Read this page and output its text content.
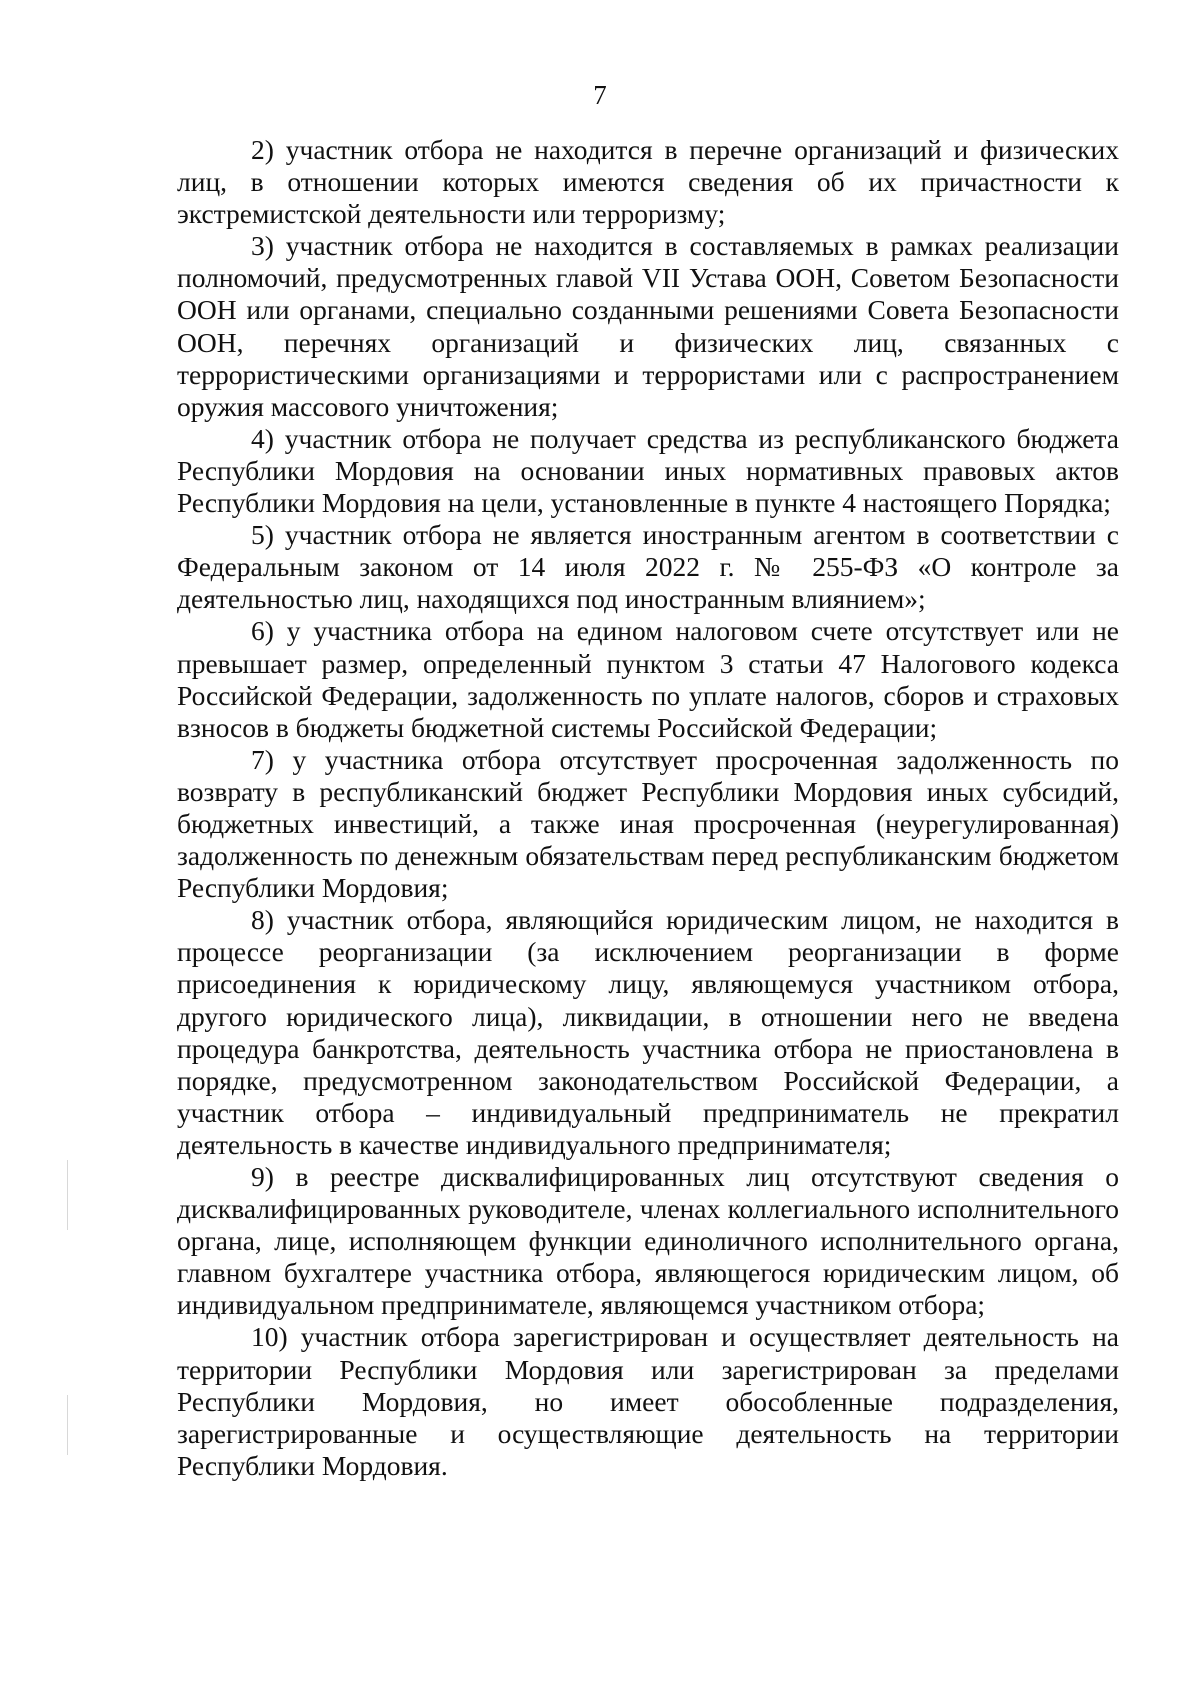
7

2) участник отбора не находится в перечне организаций и физических лиц, в отношении которых имеются сведения об их причастности к экстремистской деятельности или терроризму;

3) участник отбора не находится в составляемых в рамках реализации полномочий, предусмотренных главой VII Устава ООН, Советом Безопасности ООН или органами, специально созданными решениями Совета Безопасности ООН, перечнях организаций и физических лиц, связанных с террористическими организациями и террористами или с распространением оружия массового уничтожения;

4) участник отбора не получает средства из республиканского бюджета Республики Мордовия на основании иных нормативных правовых актов Республики Мордовия на цели, установленные в пункте 4 настоящего Порядка;

5) участник отбора не является иностранным агентом в соответствии с Федеральным законом от 14 июля 2022 г. № 255-ФЗ «О контроле за деятельностью лиц, находящихся под иностранным влиянием»;

6) у участника отбора на едином налоговом счете отсутствует или не превышает размер, определенный пунктом 3 статьи 47 Налогового кодекса Российской Федерации, задолженность по уплате налогов, сборов и страховых взносов в бюджеты бюджетной системы Российской Федерации;

7) у участника отбора отсутствует просроченная задолженность по возврату в республиканский бюджет Республики Мордовия иных субсидий, бюджетных инвестиций, а также иная просроченная (неурегулированная) задолженность по денежным обязательствам перед республиканским бюджетом Республики Мордовия;

8) участник отбора, являющийся юридическим лицом, не находится в процессе реорганизации (за исключением реорганизации в форме присоединения к юридическому лицу, являющемуся участником отбора, другого юридического лица), ликвидации, в отношении него не введена процедура банкротства, деятельность участника отбора не приостановлена в порядке, предусмотренном законодательством Российской Федерации, а участник отбора – индивидуальный предприниматель не прекратил деятельность в качестве индивидуального предпринимателя;

9) в реестре дисквалифицированных лиц отсутствуют сведения о дисквалифицированных руководителе, членах коллегиального исполнительного органа, лице, исполняющем функции единоличного исполнительного органа, главном бухгалтере участника отбора, являющегося юридическим лицом, об индивидуальном предпринимателе, являющемся участником отбора;

10) участник отбора зарегистрирован и осуществляет деятельность на территории Республики Мордовия или зарегистрирован за пределами Республики Мордовия, но имеет обособленные подразделения, зарегистрированные и осуществляющие деятельность на территории Республики Мордовия.
